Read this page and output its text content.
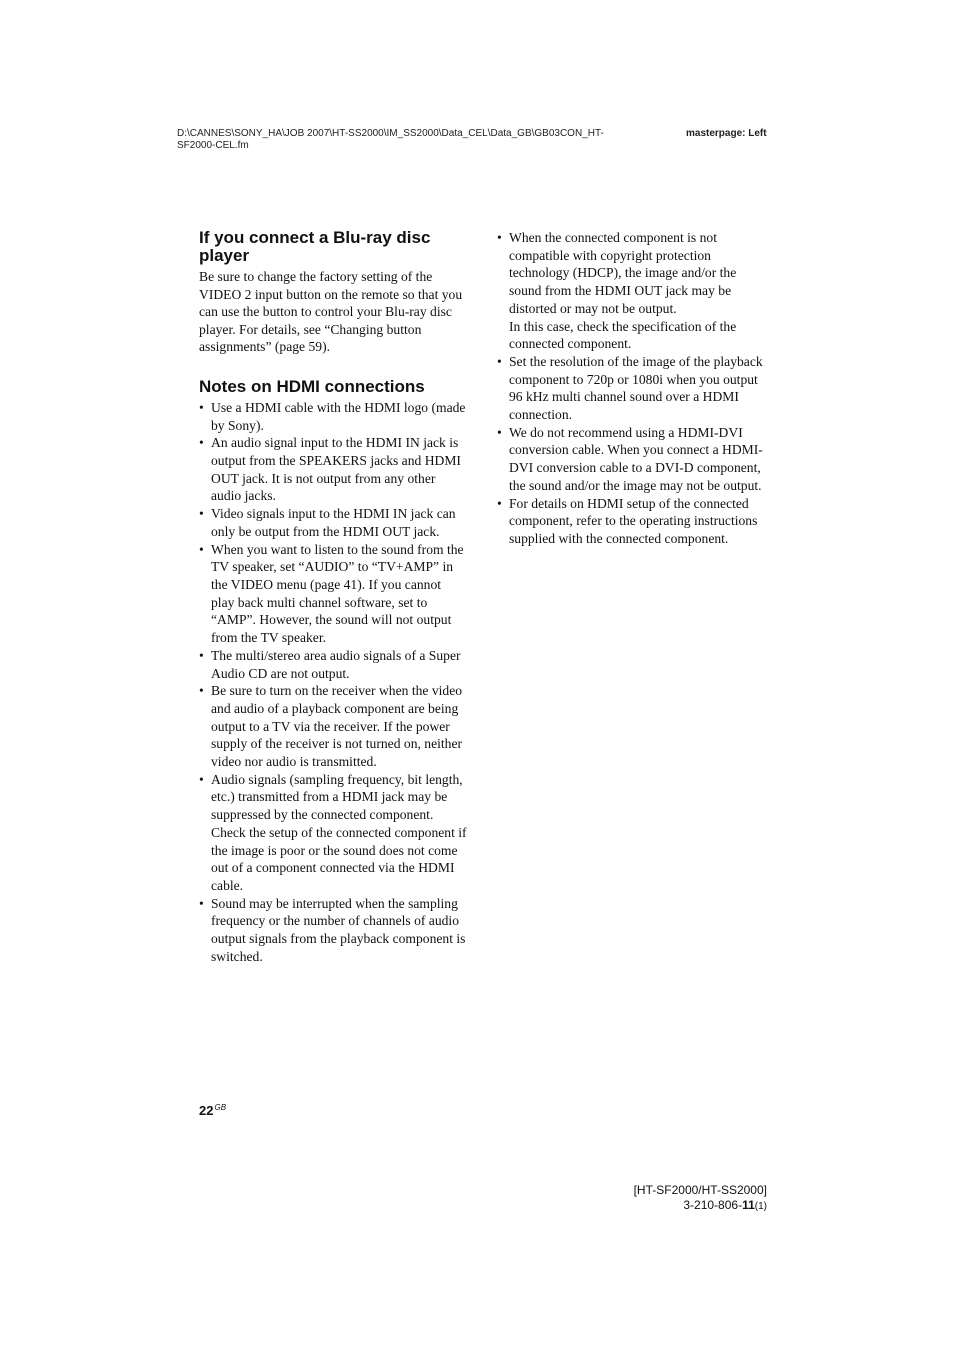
D:\CANNES\SONY_HA\JOB 2007\HT-SS2000\IM_SS2000\Data_CEL\Data_GB\GB03CON_HT-
SF2000-CEL.fm
masterpage: Left
If you connect a Blu-ray disc player

Be sure to change the factory setting of the VIDEO 2 input button on the remote so that you can use the button to control your Blu-ray disc player. For details, see “Changing button assignments” (page 59).

Notes on HDMI connections
• Use a HDMI cable with the HDMI logo (made by Sony).
• An audio signal input to the HDMI IN jack is output from the SPEAKERS jacks and HDMI OUT jack. It is not output from any other audio jacks.
• Video signals input to the HDMI IN jack can only be output from the HDMI OUT jack.
• When you want to listen to the sound from the TV speaker, set “AUDIO” to “TV+AMP” in the VIDEO menu (page 41). If you cannot play back multi channel software, set to “AMP”. However, the sound will not output from the TV speaker.
• The multi/stereo area audio signals of a Super Audio CD are not output.
• Be sure to turn on the receiver when the video and audio of a playback component are being output to a TV via the receiver. If the power supply of the receiver is not turned on, neither video nor audio is transmitted.
• Audio signals (sampling frequency, bit length, etc.) transmitted from a HDMI jack may be suppressed by the connected component. Check the setup of the connected component if the image is poor or the sound does not come out of a component connected via the HDMI cable.
• Sound may be interrupted when the sampling frequency or the number of channels of audio output signals from the playback component is switched.
• When the connected component is not compatible with copyright protection technology (HDCP), the image and/or the sound from the HDMI OUT jack may be distorted or may not be output.
In this case, check the specification of the connected component.
• Set the resolution of the image of the playback component to 720p or 1080i when you output 96 kHz multi channel sound over a HDMI connection.
• We do not recommend using a HDMI-DVI conversion cable. When you connect a HDMI-DVI conversion cable to a DVI-D component, the sound and/or the image may not be output.
• For details on HDMI setup of the connected component, refer to the operating instructions supplied with the connected component.
$22^{GB}$
[HT-SF2000/HT-SS2000]
3-210-806-11(1)
